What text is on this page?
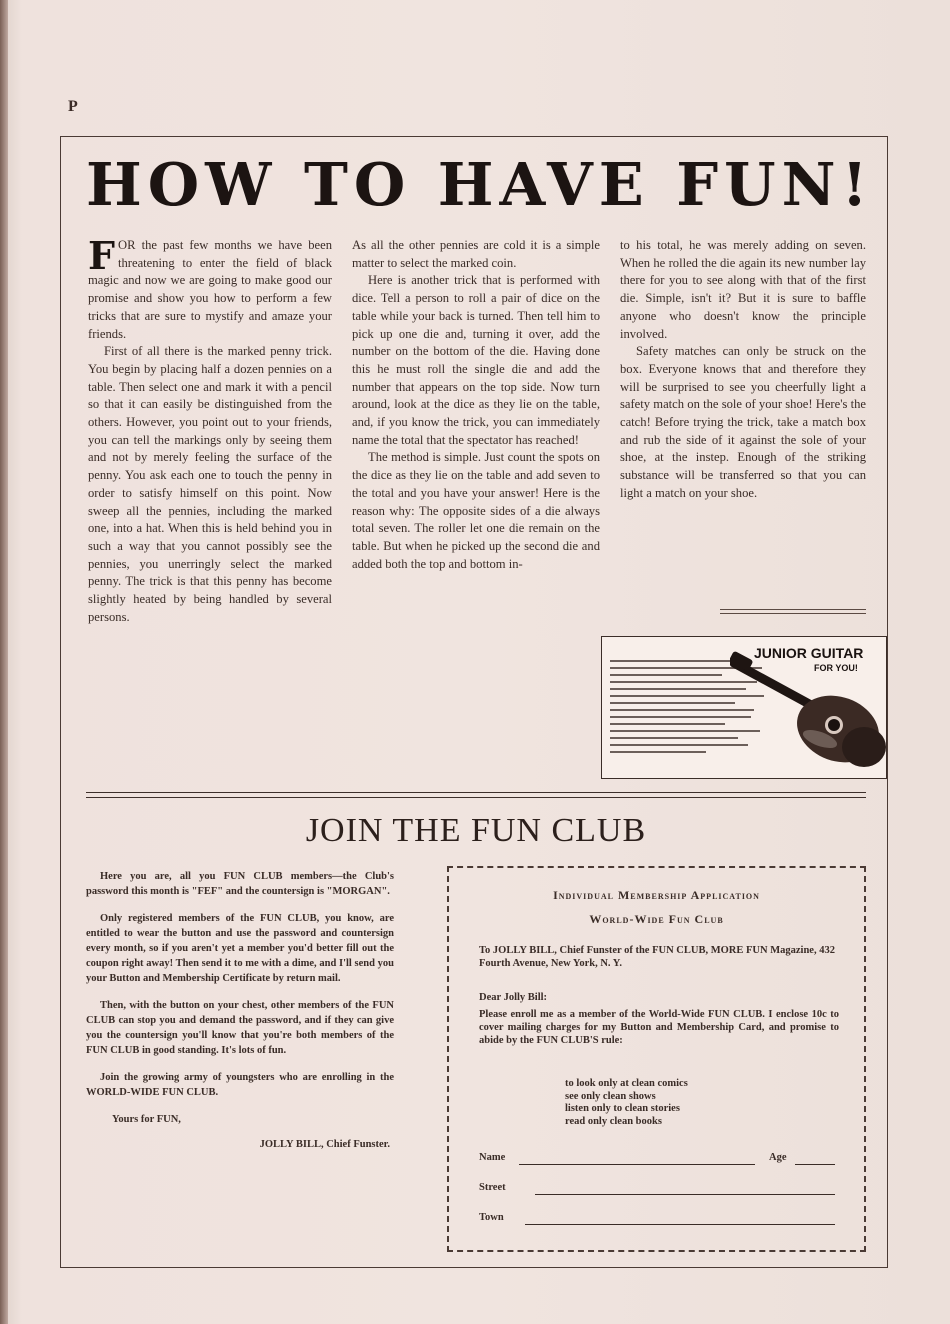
P
HOW TO HAVE FUN!

FOR the past few months we have been threatening to enter the field of black magic and now we are going to make good our promise and show you how to perform a few tricks that are sure to mystify and amaze your friends.

First of all there is the marked penny trick. You begin by placing half a dozen pennies on a table. Then select one and mark it with a pencil so that it can easily be distinguished from the others. However, you point out to your friends, you can tell the markings only by seeing them and not by merely feeling the surface of the penny. You ask each one to touch the penny in order to satisfy himself on this point. Now sweep all the pennies, including the marked one, into a hat. When this is held behind you in such a way that you cannot possibly see the pennies, you unerringly select the marked penny. The trick is that this penny has become slightly heated by being handled by several persons.

As all the other pennies are cold it is a simple matter to select the marked coin.

Here is another trick that is performed with dice. Tell a person to roll a pair of dice on the table while your back is turned. Then tell him to pick up one die and, turning it over, add the number on the bottom of the die. Having done this he must roll the single die and add the number that appears on the top side. Now turn around, look at the dice as they lie on the table, and, if you know the trick, you can immediately name the total that the spectator has reached!

The method is simple. Just count the spots on the dice as they lie on the table and add seven to the total and you have your answer! Here is the reason why: The opposite sides of a die always total seven. The roller let one die remain on the table. But when he picked up the second die and added both the top and bottom in-

to his total, he was merely adding on seven. When he rolled the die again its new number lay there for you to see along with that of the first die. Simple, isn't it? But it is sure to baffle anyone who doesn't know the principle involved.

Safety matches can only be struck on the box. Everyone knows that and therefore they will be surprised to see you cheerfully light a safety match on the sole of your shoe! Here's the catch! Before trying the trick, take a match box and rub the side of it against the sole of your shoe, at the instep. Enough of the striking substance will be transferred so that you can light a match on your shoe.

JUNIOR GUITAR
FOR YOU!
JOIN THE FUN CLUB

Here you are, all you FUN CLUB members—the Club's password this month is "FEF" and the countersign is "MORGAN".

Only registered members of the FUN CLUB, you know, are entitled to wear the button and use the password and countersign every month, so if you aren't yet a member you'd better fill out the coupon right away! Then send it to me with a dime, and I'll send you your Button and Membership Certificate by return mail.

Then, with the button on your chest, other members of the FUN CLUB can stop you and demand the password, and if they can give you the countersign you'll know that you're both members of the FUN CLUB in good standing. It's lots of fun.

Join the growing army of youngsters who are enrolling in the WORLD-WIDE FUN CLUB.

Yours for FUN,

JOLLY BILL, Chief Funster.

Individual Membership Application
World-Wide Fun Club
To JOLLY BILL, Chief Funster of the FUN CLUB, MORE FUN Magazine, 432 Fourth Avenue, New York, N. Y.
Dear Jolly Bill:
Please enroll me as a member of the World-Wide FUN CLUB. I enclose 10c to cover mailing charges for my Button and Membership Card, and promise to abide by the FUN CLUB'S rule:
to look only at clean comics
see only clean shows
listen only to clean stories
read only clean books
Name	Age
Street
Town
